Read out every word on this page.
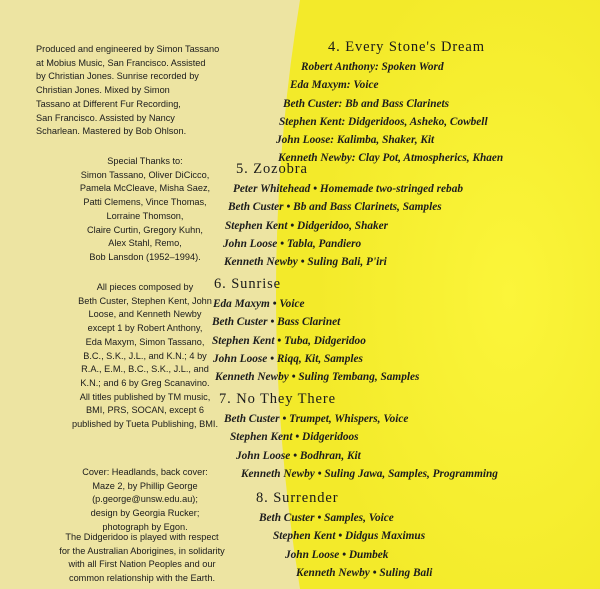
Produced and engineered by Simon Tassano
at Mobius Music, San Francisco. Assisted
by Christian Jones. Sunrise recorded by
Christian Jones. Mixed by Simon
Tassano at Different Fur Recording,
San Francisco. Assisted by Nancy
Scharlean. Mastered by Bob Ohlson.
Special Thanks to:
Simon Tassano, Oliver DiCicco,
Pamela McCleave, Misha Saez,
Patti Clemens, Vince Thomas,
Lorraine Thomson,
Claire Curtin, Gregory Kuhn,
Alex Stahl, Remo,
Bob Lansdon (1952–1994).
All pieces composed by
Beth Custer, Stephen Kent, John
Loose, and Kenneth Newby
except 1 by Robert Anthony,
Eda Maxym, Simon Tassano,
B.C., S.K., J.L., and K.N.; 4 by
R.A., E.M., B.C., S.K., J.L., and
K.N.; and 6 by Greg Scanavino.
All titles published by TM music,
BMI, PRS, SOCAN, except 6
published by Tueta Publishing, BMI.
Cover: Headlands, back cover:
Maze 2, by Phillip George
(p.george@unsw.edu.au);
design by Georgia Rucker;
photograph by Egon.
The Didgeridoo is played with respect
for the Australian Aborigines, in solidarity
with all First Nation Peoples and our
common relationship with the Earth.
4. Every Stone's Dream
Robert Anthony: Spoken Word
Eda Maxym: Voice
Beth Custer: Bb and Bass Clarinets
Stephen Kent: Didgeridoos, Asheko, Cowbell
John Loose: Kalimba, Shaker, Kit
Kenneth Newby: Clay Pot, Atmospherics, Khaen
5. Zozobra
Peter Whitehead • Homemade two-stringed rebab
Beth Custer • Bb and Bass Clarinets, Samples
Stephen Kent • Didgeridoo, Shaker
John Loose • Tabla, Pandiero
Kenneth Newby • Suling Bali, P'iri
6. Sunrise
Eda Maxym • Voice
Beth Custer • Bass Clarinet
Stephen Kent • Tuba, Didgeridoo
John Loose • Riqq, Kit, Samples
Kenneth Newby • Suling Tembang, Samples
7. No They There
Beth Custer • Trumpet, Whispers, Voice
Stephen Kent • Didgeridoos
John Loose • Bodhran, Kit
Kenneth Newby • Suling Jawa, Samples, Programming
8. Surrender
Beth Custer • Samples, Voice
Stephen Kent • Didgus Maximus
John Loose • Dumbek
Kenneth Newby • Suling Bali
